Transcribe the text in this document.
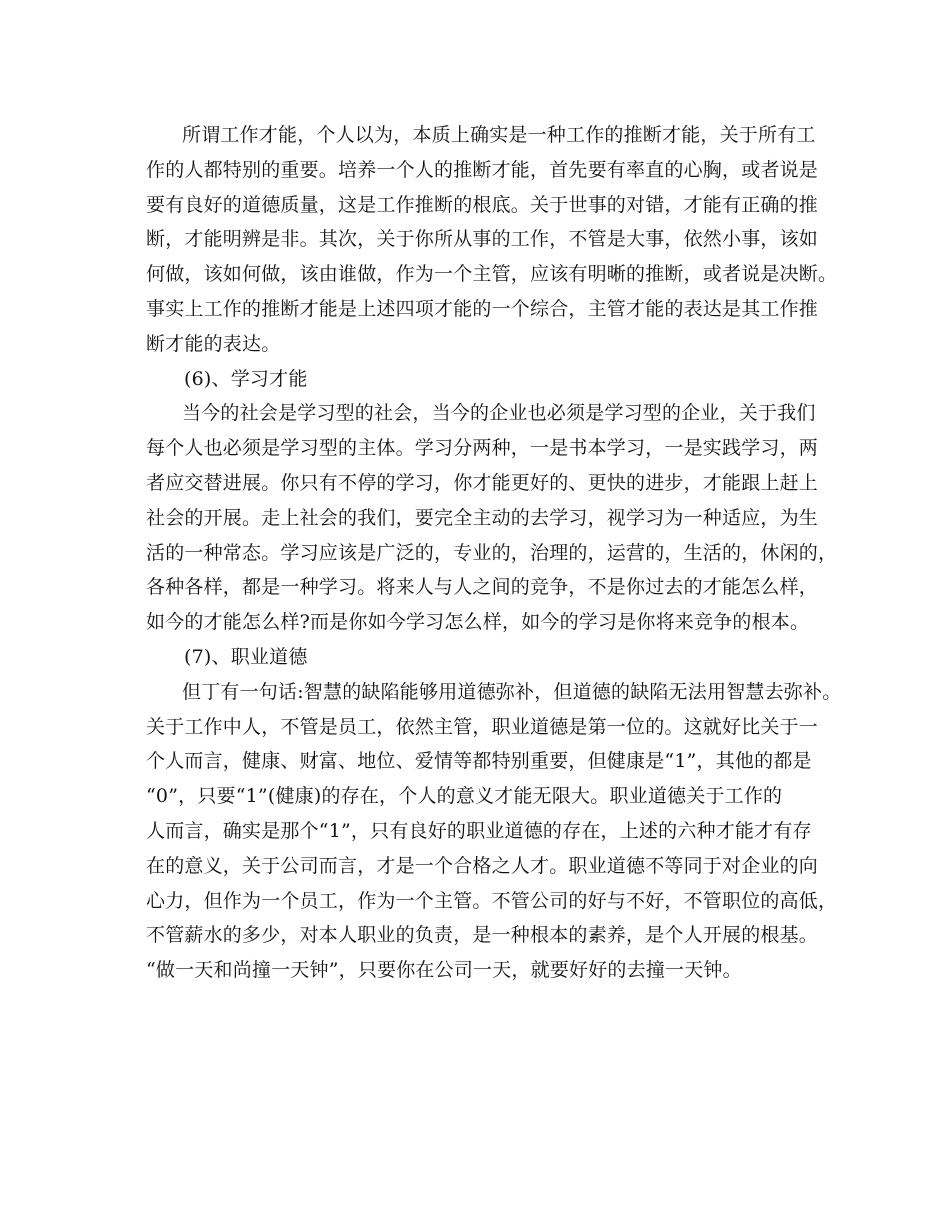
所谓工作才能，个人以为，本质上确实是一种工作的推断才能，关于所有工
作的人都特别的重要。培养一个人的推断才能，首先要有率直的心胸，或者说是
要有良好的道德质量，这是工作推断的根底。关于世事的对错，才能有正确的推
断，才能明辨是非。其次，关于你所从事的工作，不管是大事，依然小事，该如
何做，该如何做，该由谁做，作为一个主管，应该有明晰的推断，或者说是决断。
事实上工作的推断才能是上述四项才能的一个综合，主管才能的表达是其工作推
断才能的表达。
(6)、学习才能
当今的社会是学习型的社会，当今的企业也必须是学习型的企业，关于我们
每个人也必须是学习型的主体。学习分两种，一是书本学习，一是实践学习，两
者应交替进展。你只有不停的学习，你才能更好的、更快的进步，才能跟上赶上
社会的开展。走上社会的我们，要完全主动的去学习，视学习为一种适应，为生
活的一种常态。学习应该是广泛的，专业的，治理的，运营的，生活的，休闲的，
各种各样，都是一种学习。将来人与人之间的竞争，不是你过去的才能怎么样，
如今的才能怎么样?而是你如今学习怎么样，如今的学习是你将来竞争的根本。
(7)、职业道德
但丁有一句话:智慧的缺陷能够用道德弥补，但道德的缺陷无法用智慧去弥补。
关于工作中人，不管是员工，依然主管，职业道德是第一位的。这就好比关于一
个人而言，健康、财富、地位、爱情等都特别重要，但健康是“1”，其他的都是
“0”，只要“1”(健康)的存在，个人的意义才能无限大。职业道德关于工作的
人而言，确实是那个“1”，只有良好的职业道德的存在，上述的六种才能才有存
在的意义，关于公司而言，才是一个合格之人才。职业道德不等同于对企业的向
心力，但作为一个员工，作为一个主管。不管公司的好与不好，不管职位的高低，
不管薪水的多少，对本人职业的负责，是一种根本的素养，是个人开展的根基。
“做一天和尚撞一天钟”，只要你在公司一天，就要好好的去撞一天钟。
